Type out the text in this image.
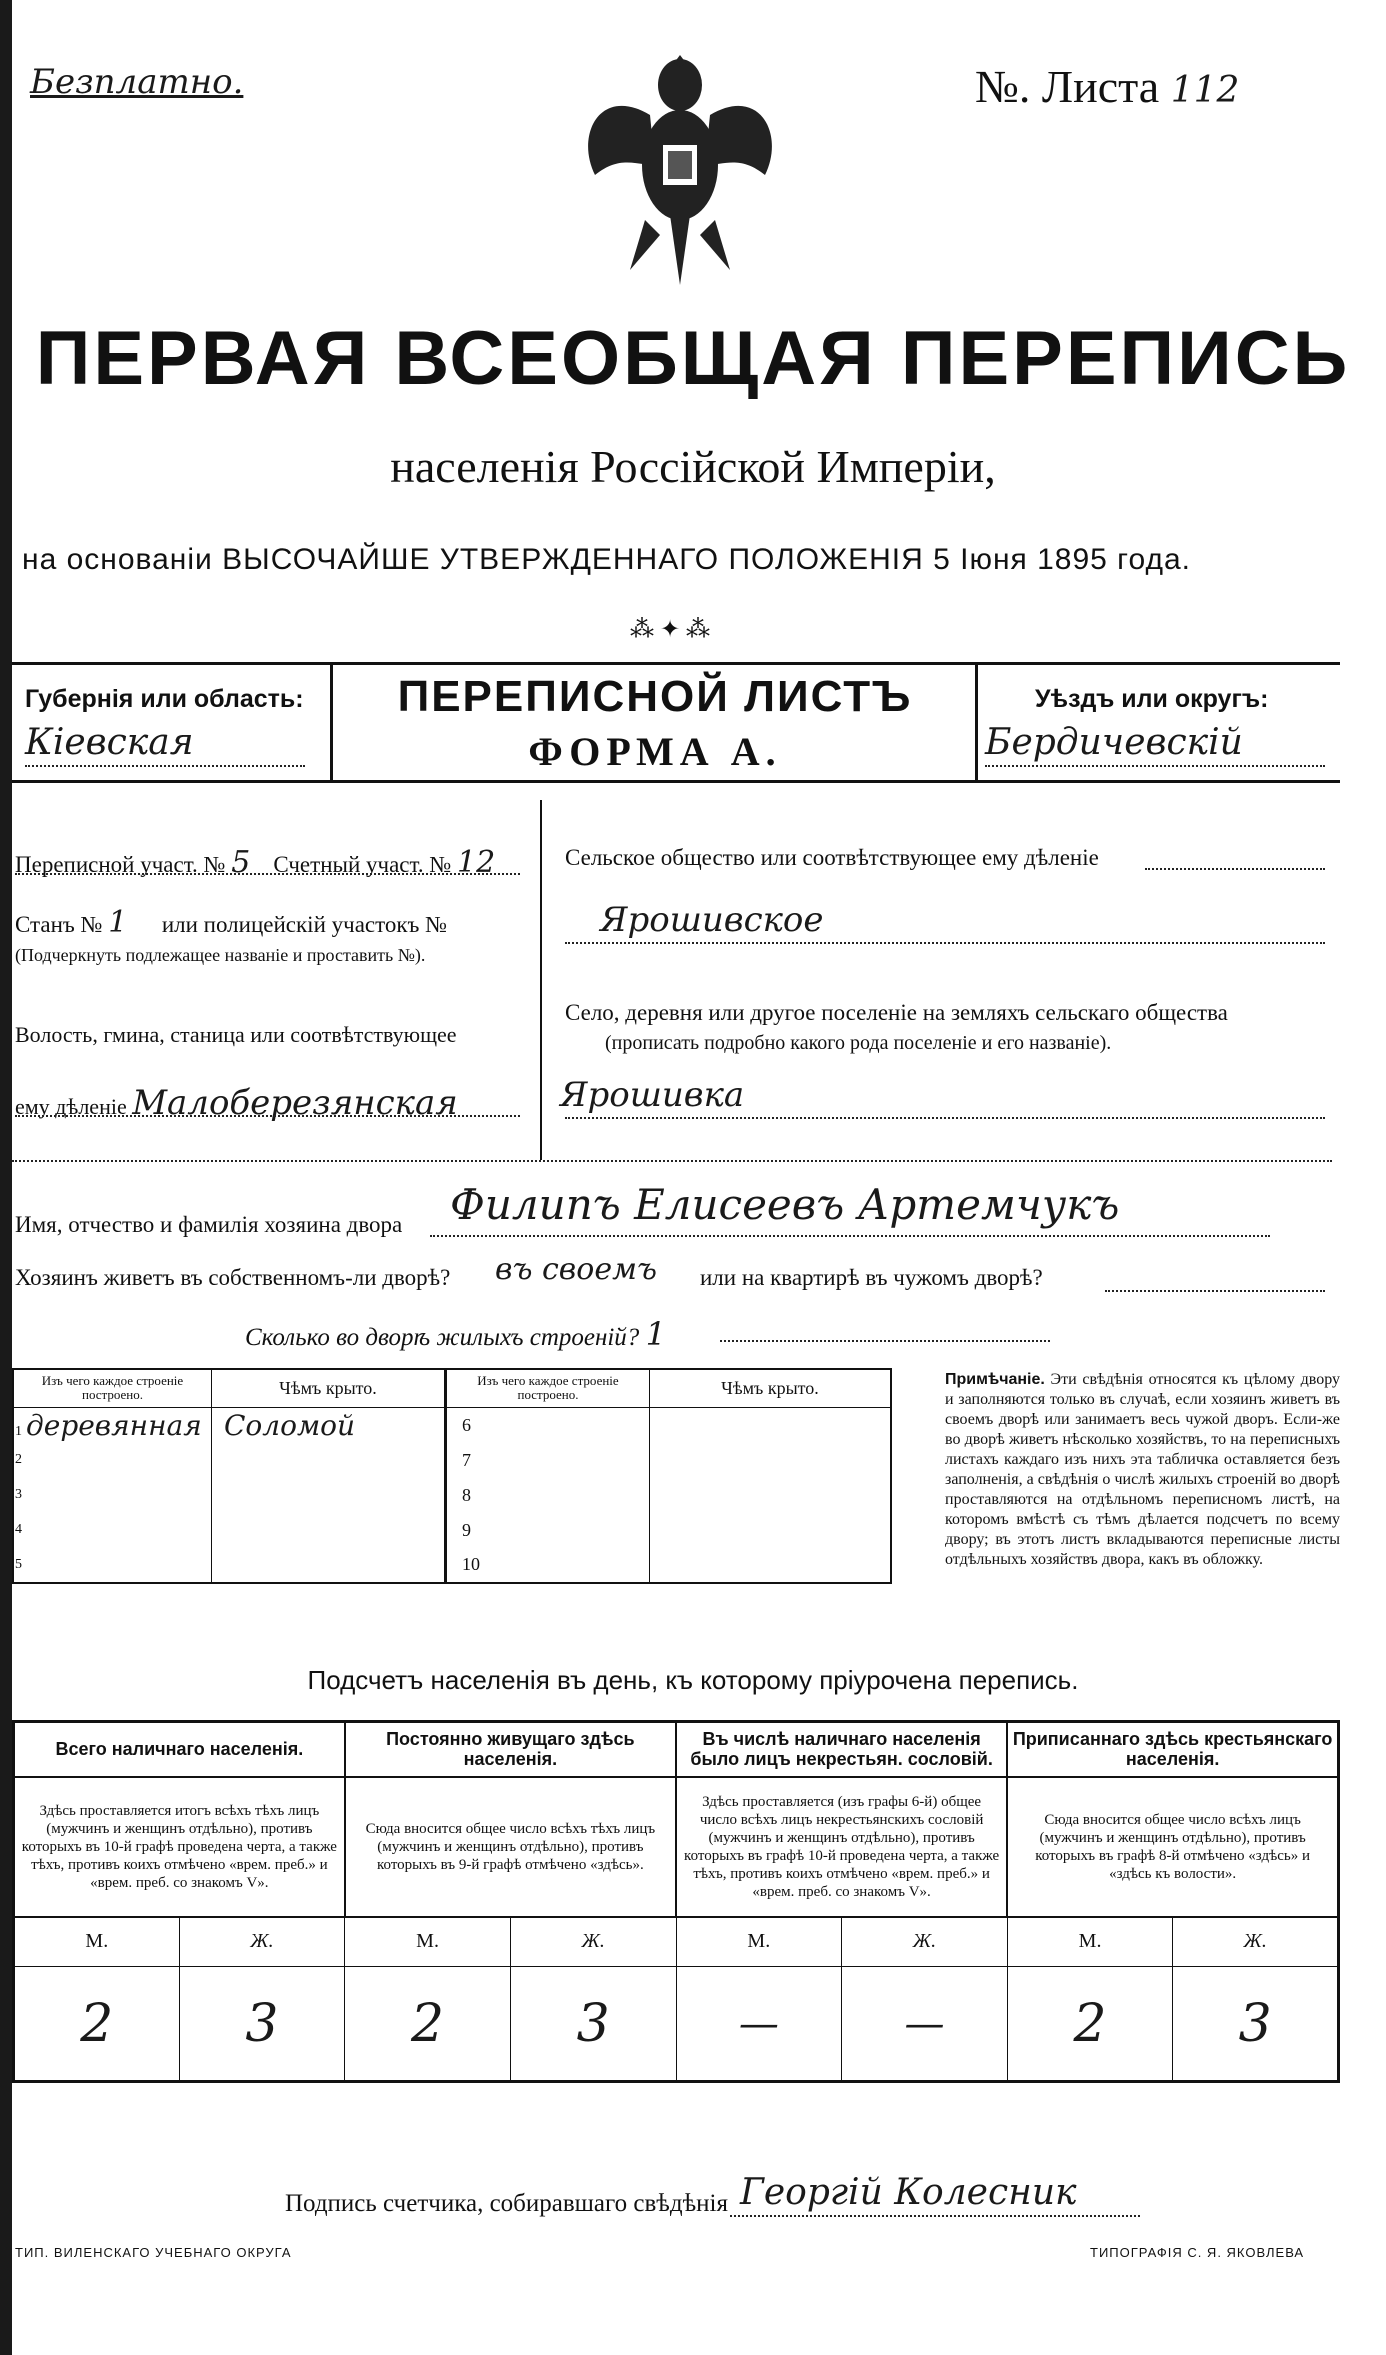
Безплатно.	№. Листа 112
ПЕРВАЯ ВСЕОБЩАЯ ПЕРЕПИСЬ
населенія Россійской Имперіи,
на основаніи ВЫСОЧАЙШЕ УТВЕРЖДЕННАГО ПОЛОЖЕНІЯ 5 Іюня 1895 года.
⁂ ✦ ⁂
Губернія или область:
Кіевская
ПЕРЕПИСНОЙ ЛИСТЪ
ФОРМА А.
Уѣздъ или округъ:
Бердичевскій
Переписной участ. № 5 Счетный участ. № 12
Станъ № 1 или полицейскій участокъ №
(Подчеркнуть подлежащее названіе и проставить №).
Волость, гмина, станица или соотвѣтствующее
ему дѣленіе Малоберезянская
Сельское общество или соотвѣтствующее ему дѣленіе
Ярошивское
Село, деревня или другое поселеніе на земляхъ сельскаго общества
(прописать подробно какого рода поселеніе и его названіе).
Ярошивка
Имя, отчество и фамилія хозяина двора Филипъ Елисеевъ Артемчукъ
Хозяинъ живетъ въ собственномъ-ли дворѣ? въ своемъ или на квартирѣ въ чужомъ дворѣ?
Сколько во дворѣ жилыхъ строеній? 1
Изъ чего каждое строеніе построено.	Чѣмъ крыто.	Изъ чего каждое строеніе построено.	Чѣмъ крыто.
1 деревянная	Соломой	6	
2		7	
3		8	
4		9	
5		10	
Примѣчаніе. Эти свѣдѣнія относятся къ цѣлому двору и заполняются только въ случаѣ, если хозяинъ живетъ въ своемъ дворѣ или занимаетъ весь чужой дворъ. Если-же во дворѣ живетъ нѣсколько хозяйствъ, то на переписныхъ листахъ каждаго изъ нихъ эта табличка оставляется безъ заполненія, а свѣдѣнія о числѣ жилыхъ строеній во дворѣ проставляются на отдѣльномъ переписномъ листѣ, на которомъ вмѣстѣ съ тѣмъ дѣлается подсчетъ по всему двору; въ этотъ листъ вкладываются переписные листы отдѣльныхъ хозяйствъ двора, какъ въ обложку.
Подсчетъ населенія въ день, къ которому пріурочена перепись.
Всего наличнаго населенія.		Постоянно живущаго здѣсь населенія.		Въ числѣ наличнаго населенія было лицъ некрестьян. сословій.		Приписаннаго здѣсь крестьянскаго населенія.	
Здѣсь проставляется итогъ всѣхъ тѣхъ лицъ (мужчинъ и женщинъ отдѣльно), противъ которыхъ въ 10-й графѣ проведена черта, а также тѣхъ, противъ коихъ отмѣчено «врем. преб.» и «врем. преб. со знакомъ V».		Сюда вносится общее число всѣхъ тѣхъ лицъ (мужчинъ и женщинъ отдѣльно), противъ которыхъ въ 9-й графѣ отмѣчено «здѣсь».		Здѣсь проставляется (изъ графы 6-й) общее число всѣхъ лицъ некрестьянскихъ сословій (мужчинъ и женщинъ отдѣльно), противъ которыхъ въ графѣ 10-й проведена черта, а также тѣхъ, противъ коихъ отмѣчено «врем. преб.» и «врем. преб. со знакомъ V».		Сюда вносится общее число всѣхъ лицъ (мужчинъ и женщинъ отдѣльно), противъ которыхъ въ графѣ 8-й отмѣчено «здѣсь» и «здѣсь къ волости».	
М.	Ж.	М.	Ж.	М.	Ж.	М.	Ж.
2	3	2	3	—	—	2	3
Подпись счетчика, собиравшаго свѣдѣнія Георгій Колесник
ТИП. ВИЛЕНСКАГО УЧЕБНАГО ОКРУГА	ТИПОГРАФІЯ С. Я. ЯКОВЛЕВА
